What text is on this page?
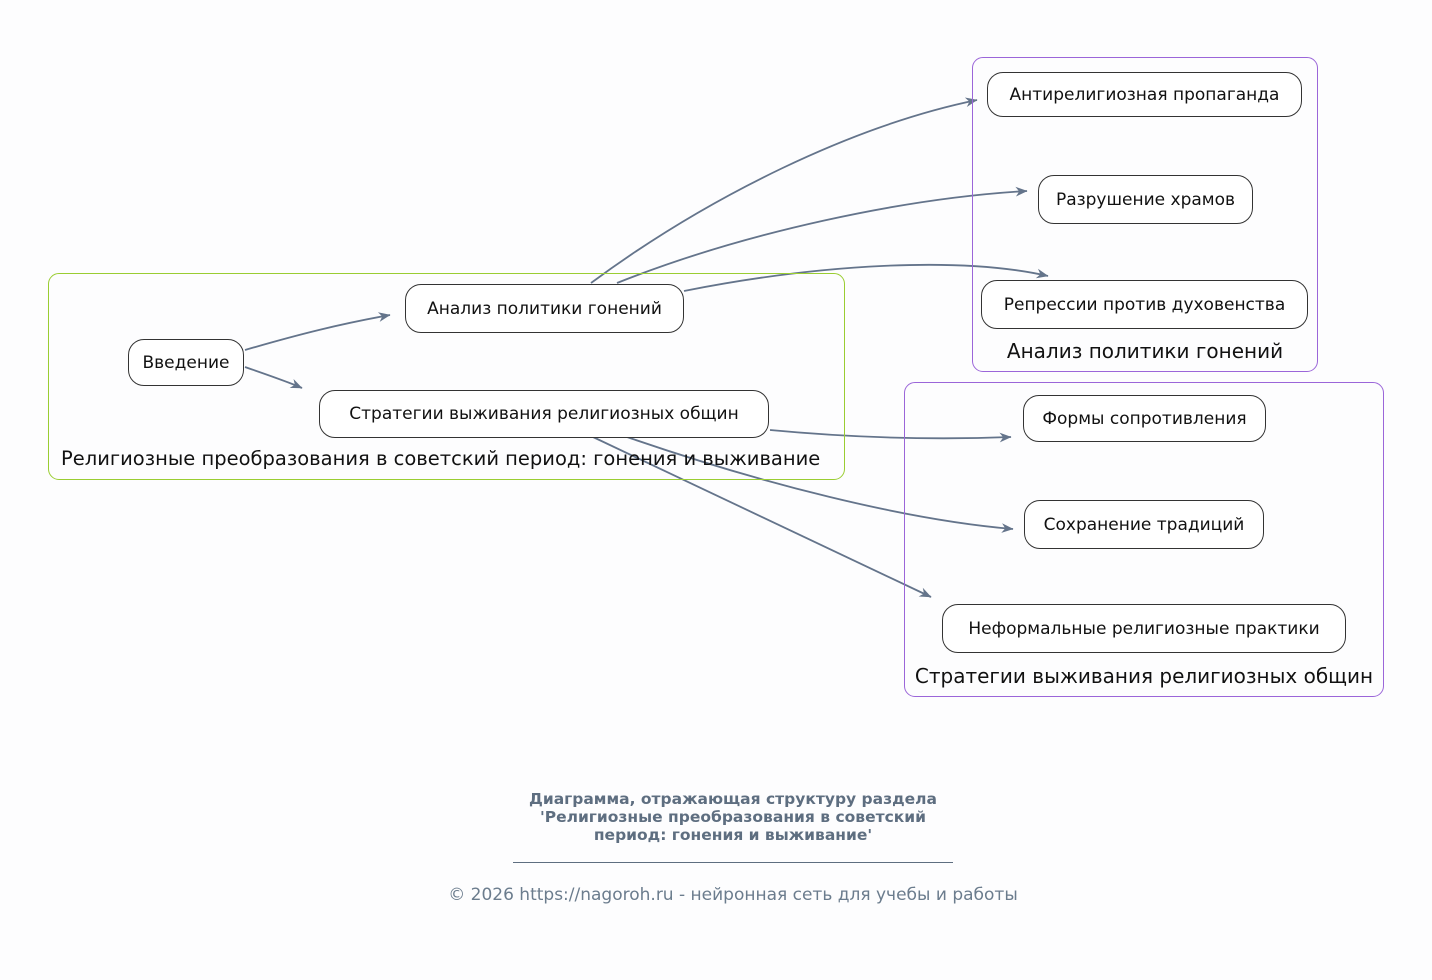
Религиозные преобразования в советский период: гонения и выживание
Введение
Анализ политики гонений
Стратегии выживания религиозных общин
Анализ политики гонений
Антирелигиозная пропаганда
Разрушение храмов
Репрессии против духовенства
Стратегии выживания религиозных общин
Формы сопротивления
Сохранение традиций
Неформальные религиозные практики
Диаграмма, отражающая структуру раздела
'Религиозные преобразования в советский
период: гонения и выживание'
© 2026 https://nagoroh.ru - нейронная сеть для учебы и работы
